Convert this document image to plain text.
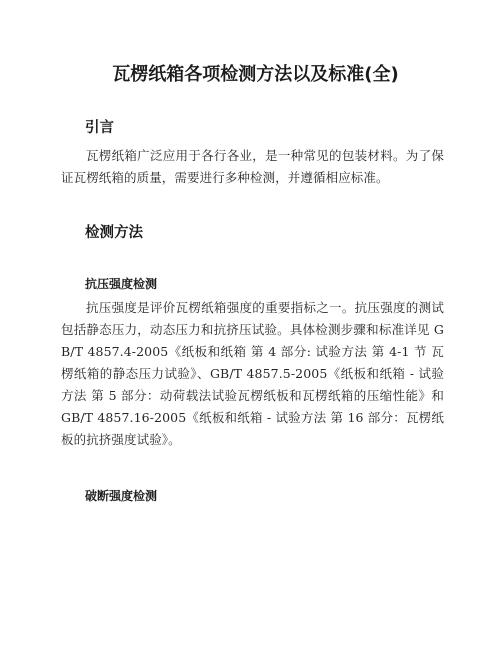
瓦楞纸箱各项检测方法以及标准(全)
引言

瓦楞纸箱广泛应用于各行各业，是一种常见的包装材料。为了保证瓦楞纸箱的质量，需要进行多种检测，并遵循相应标准。

检测方法
抗压强度检测

抗压强度是评价瓦楞纸箱强度的重要指标之一。抗压强度的测试包括静态压力，动态压力和抗挤压试验。具体检测步骤和标准详见 GB/T 4857.4-2005《纸板和纸箱 第 4 部分: 试验方法 第 4-1 节 瓦楞纸箱的静态压力试验》、GB/T 4857.5-2005《纸板和纸箱 - 试验方法 第 5 部分：动荷载法试验瓦楞纸板和瓦楞纸箱的压缩性能》和 GB/T 4857.16-2005《纸板和纸箱 - 试验方法 第 16 部分：瓦楞纸板的抗挤强度试验》。

破断强度检测
